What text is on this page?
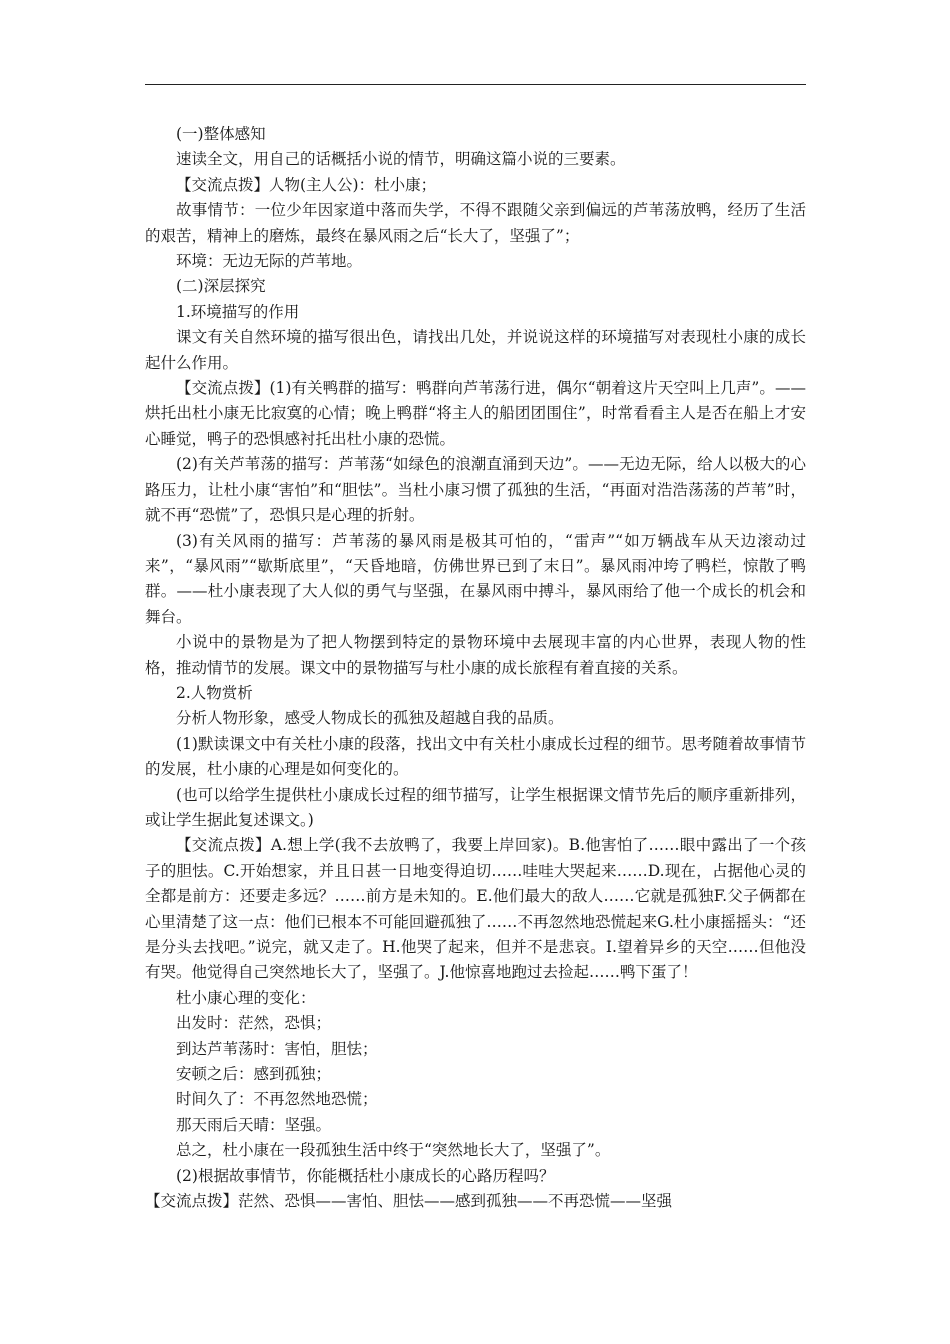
(一)整体感知

速读全文，用自己的话概括小说的情节，明确这篇小说的三要素。

【交流点拨】人物(主人公)：杜小康；

故事情节：一位少年因家道中落而失学，不得不跟随父亲到偏远的芦苇荡放鸭，经历了生活的艰苦，精神上的磨炼，最终在暴风雨之后“长大了，坚强了”；

环境：无边无际的芦苇地。

(二)深层探究

1.环境描写的作用

课文有关自然环境的描写很出色，请找出几处，并说说这样的环境描写对表现杜小康的成长起什么作用。

【交流点拨】(1)有关鸭群的描写：鸭群向芦苇荡行进，偶尔“朝着这片天空叫上几声”。——烘托出杜小康无比寂寞的心情；晚上鸭群“将主人的船团团围住”，时常看看主人是否在船上才安心睡觉，鸭子的恐惧感衬托出杜小康的恐慌。

(2)有关芦苇荡的描写：芦苇荡“如绿色的浪潮直涌到天边”。——无边无际，给人以极大的心路压力，让杜小康“害怕”和“胆怯”。当杜小康习惯了孤独的生活，“再面对浩浩荡荡的芦苇”时，就不再“恐慌”了，恐惧只是心理的折射。

(3)有关风雨的描写：芦苇荡的暴风雨是极其可怕的，“雷声”“如万辆战车从天边滚动过来”，“暴风雨”“歇斯底里”，“天昏地暗，仿佛世界已到了末日”。暴风雨冲垮了鸭栏，惊散了鸭群。——杜小康表现了大人似的勇气与坚强，在暴风雨中搏斗，暴风雨给了他一个成长的机会和舞台。

小说中的景物是为了把人物摆到特定的景物环境中去展现丰富的内心世界，表现人物的性格，推动情节的发展。课文中的景物描写与杜小康的成长旅程有着直接的关系。

2.人物赏析

分析人物形象，感受人物成长的孤独及超越自我的品质。

(1)默读课文中有关杜小康的段落，找出文中有关杜小康成长过程的细节。思考随着故事情节的发展，杜小康的心理是如何变化的。

(也可以给学生提供杜小康成长过程的细节描写，让学生根据课文情节先后的顺序重新排列，或让学生据此复述课文。)

【交流点拨】A.想上学(我不去放鸭了，我要上岸回家)。B.他害怕了……眼中露出了一个孩子的胆怯。C.开始想家，并且日甚一日地变得迫切……哇哇大哭起来……D.现在，占据他心灵的全都是前方：还要走多远？……前方是未知的。E.他们最大的敌人……它就是孤独F.父子俩都在心里清楚了这一点：他们已根本不可能回避孤独了……不再忽然地恐慌起来G.杜小康摇摇头：“还是分头去找吧。”说完，就又走了。H.他哭了起来，但并不是悲哀。I.望着异乡的天空……但他没有哭。他觉得自己突然地长大了，坚强了。J.他惊喜地跑过去捡起……鸭下蛋了！

杜小康心理的变化：

出发时：茫然，恐惧；

到达芦苇荡时：害怕，胆怯；

安顿之后：感到孤独；

时间久了：不再忽然地恐慌；

那天雨后天晴：坚强。

总之，杜小康在一段孤独生活中终于“突然地长大了，坚强了”。

(2)根据故事情节，你能概括杜小康成长的心路历程吗？

【交流点拨】茫然、恐惧——害怕、胆怯——感到孤独——不再恐慌——坚强
